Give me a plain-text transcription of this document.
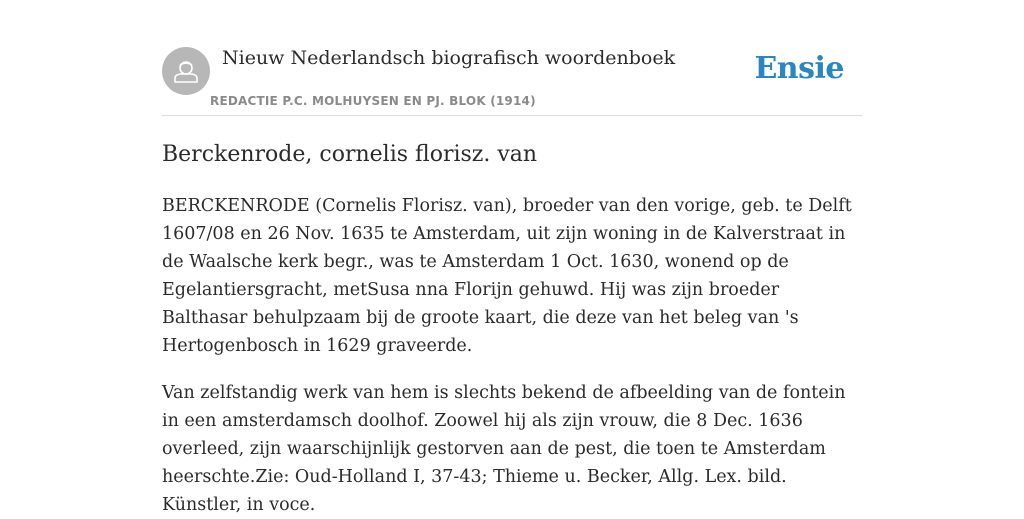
Nieuw Nederlandsch biografisch woordenboek
REDACTIE P.C. MOLHUYSEN EN PJ. BLOK (1914)
Ensie
Berckenrode, cornelis florisz. van

BERCKENRODE (Cornelis Florisz. van), broeder van den vorige, geb. te Delft 1607/08 en 26 Nov. 1635 te Amsterdam, uit zijn woning in de Kalverstraat in de Waalsche kerk begr., was te Amsterdam 1 Oct. 1630, wonend op de Egelantiersgracht, metSusa nna Florijn gehuwd. Hij was zijn broeder Balthasar behulpzaam bij de groote kaart, die deze van het beleg van 's Hertogenbosch in 1629 graveerde.

Van zelfstandig werk van hem is slechts bekend de afbeelding van de fontein in een amsterdamsch doolhof. Zoowel hij als zijn vrouw, die 8 Dec. 1636 overleed, zijn waarschijnlijk gestorven aan de pest, die toen te Amsterdam heerschte.Zie: Oud-Holland I, 37-43; Thieme u. Becker, Allg. Lex. bild. Künstler, in voce.
